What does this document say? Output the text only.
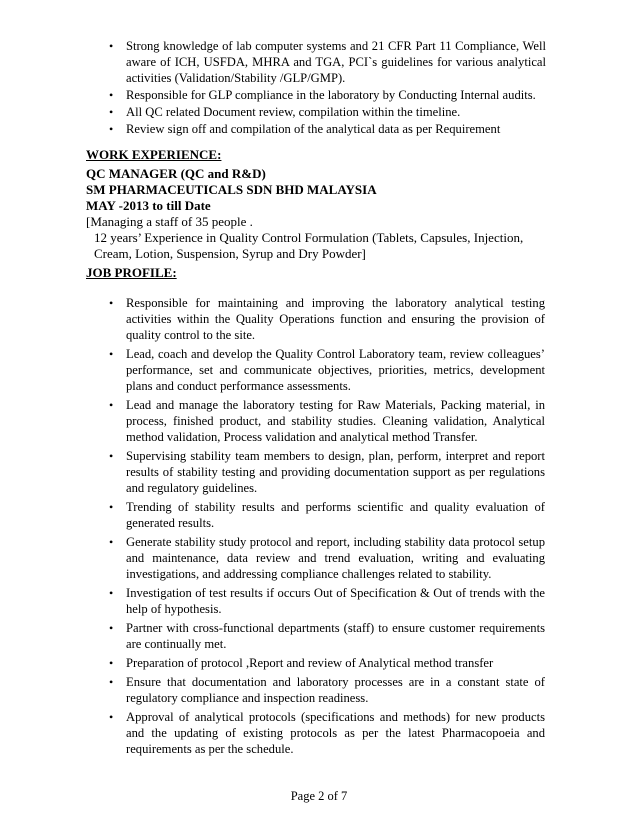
• Strong knowledge of lab computer systems and 21 CFR Part 11 Compliance, Well aware of ICH, USFDA, MHRA and TGA, PCI`s guidelines for various analytical activities (Validation/Stability /GLP/GMP).
• Responsible for GLP compliance in the laboratory by Conducting Internal audits.
• All QC related Document review, compilation within the timeline.
• Review sign off and compilation of the analytical data as per Requirement
WORK EXPERIENCE:
QC MANAGER (QC and R&D)
SM PHARMACEUTICALS SDN BHD MALAYSIA
MAY -2013 to till Date
[Managing a staff of 35 people .
12 years’ Experience in Quality Control Formulation (Tablets, Capsules, Injection,
Cream, Lotion, Suspension, Syrup and Dry Powder]
JOB PROFILE:
• Responsible for maintaining and improving the laboratory analytical testing activities within the Quality Operations function and ensuring the provision of quality control to the site.
• Lead, coach and develop the Quality Control Laboratory team, review colleagues’ performance, set and communicate objectives, priorities, metrics, development plans and conduct performance assessments.
• Lead and manage the laboratory testing for Raw Materials, Packing material, in process, finished product, and stability studies. Cleaning validation, Analytical method validation, Process validation and analytical method Transfer.
• Supervising stability team members to design, plan, perform, interpret and report results of stability testing and providing documentation support as per regulations and regulatory guidelines.
• Trending of stability results and performs scientific and quality evaluation of generated results.
• Generate stability study protocol and report, including stability data protocol setup and maintenance, data review and trend evaluation, writing and evaluating investigations, and addressing compliance challenges related to stability.
• Investigation of test results if occurs Out of Specification & Out of trends with the help of hypothesis.
• Partner with cross-functional departments (staff) to ensure customer requirements are continually met.
• Preparation of protocol ,Report and review of Analytical method transfer
• Ensure that documentation and laboratory processes are in a constant state of regulatory compliance and inspection readiness.
• Approval of analytical protocols (specifications and methods) for new products and the updating of existing protocols as per the latest Pharmacopoeia and requirements as per the schedule.
Page 2 of 7
